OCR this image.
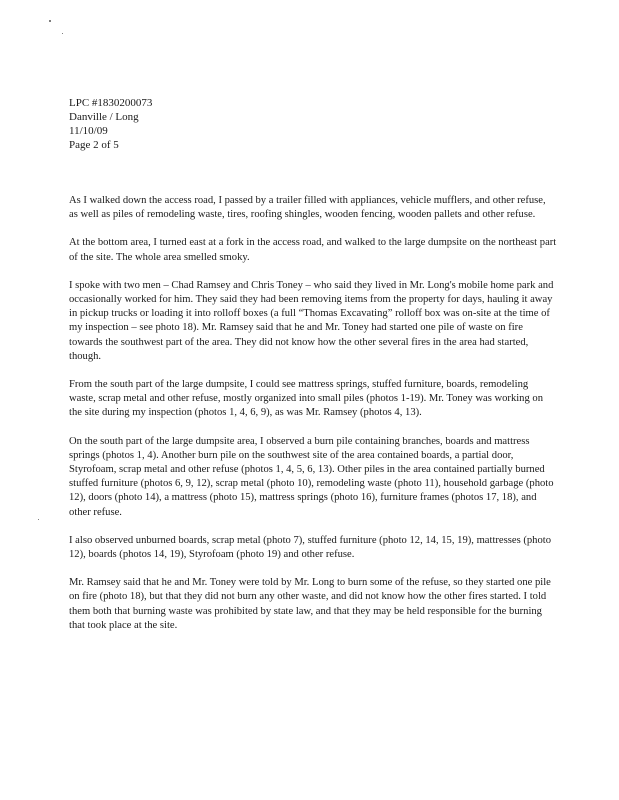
LPC #1830200073
Danville / Long
11/10/09
Page 2 of 5

As I walked down the access road, I passed by a trailer filled with appliances, vehicle mufflers, and other refuse, as well as piles of remodeling waste, tires, roofing shingles, wooden fencing, wooden pallets and other refuse.

At the bottom area, I turned east at a fork in the access road, and walked to the large dumpsite on the northeast part of the site. The whole area smelled smoky.

I spoke with two men – Chad Ramsey and Chris Toney – who said they lived in Mr. Long's mobile home park and occasionally worked for him. They said they had been removing items from the property for days, hauling it away in pickup trucks or loading it into rolloff boxes (a full “Thomas Excavating” rolloff box was on-site at the time of my inspection – see photo 18). Mr. Ramsey said that he and Mr. Toney had started one pile of waste on fire towards the southwest part of the area. They did not know how the other several fires in the area had started, though.

From the south part of the large dumpsite, I could see mattress springs, stuffed furniture, boards, remodeling waste, scrap metal and other refuse, mostly organized into small piles (photos 1-19). Mr. Toney was working on the site during my inspection (photos 1, 4, 6, 9), as was Mr. Ramsey (photos 4, 13).

On the south part of the large dumpsite area, I observed a burn pile containing branches, boards and mattress springs (photos 1, 4). Another burn pile on the southwest site of the area contained boards, a partial door, Styrofoam, scrap metal and other refuse (photos 1, 4, 5, 6, 13). Other piles in the area contained partially burned stuffed furniture (photos 6, 9, 12), scrap metal (photo 10), remodeling waste (photo 11), household garbage (photo 12), doors (photo 14), a mattress (photo 15), mattress springs (photo 16), furniture frames (photos 17, 18), and other refuse.

I also observed unburned boards, scrap metal (photo 7), stuffed furniture (photo 12, 14, 15, 19), mattresses (photo 12), boards (photos 14, 19), Styrofoam (photo 19) and other refuse.

Mr. Ramsey said that he and Mr. Toney were told by Mr. Long to burn some of the refuse, so they started one pile on fire (photo 18), but that they did not burn any other waste, and did not know how the other fires started. I told them both that burning waste was prohibited by state law, and that they may be held responsible for the burning that took place at the site.
